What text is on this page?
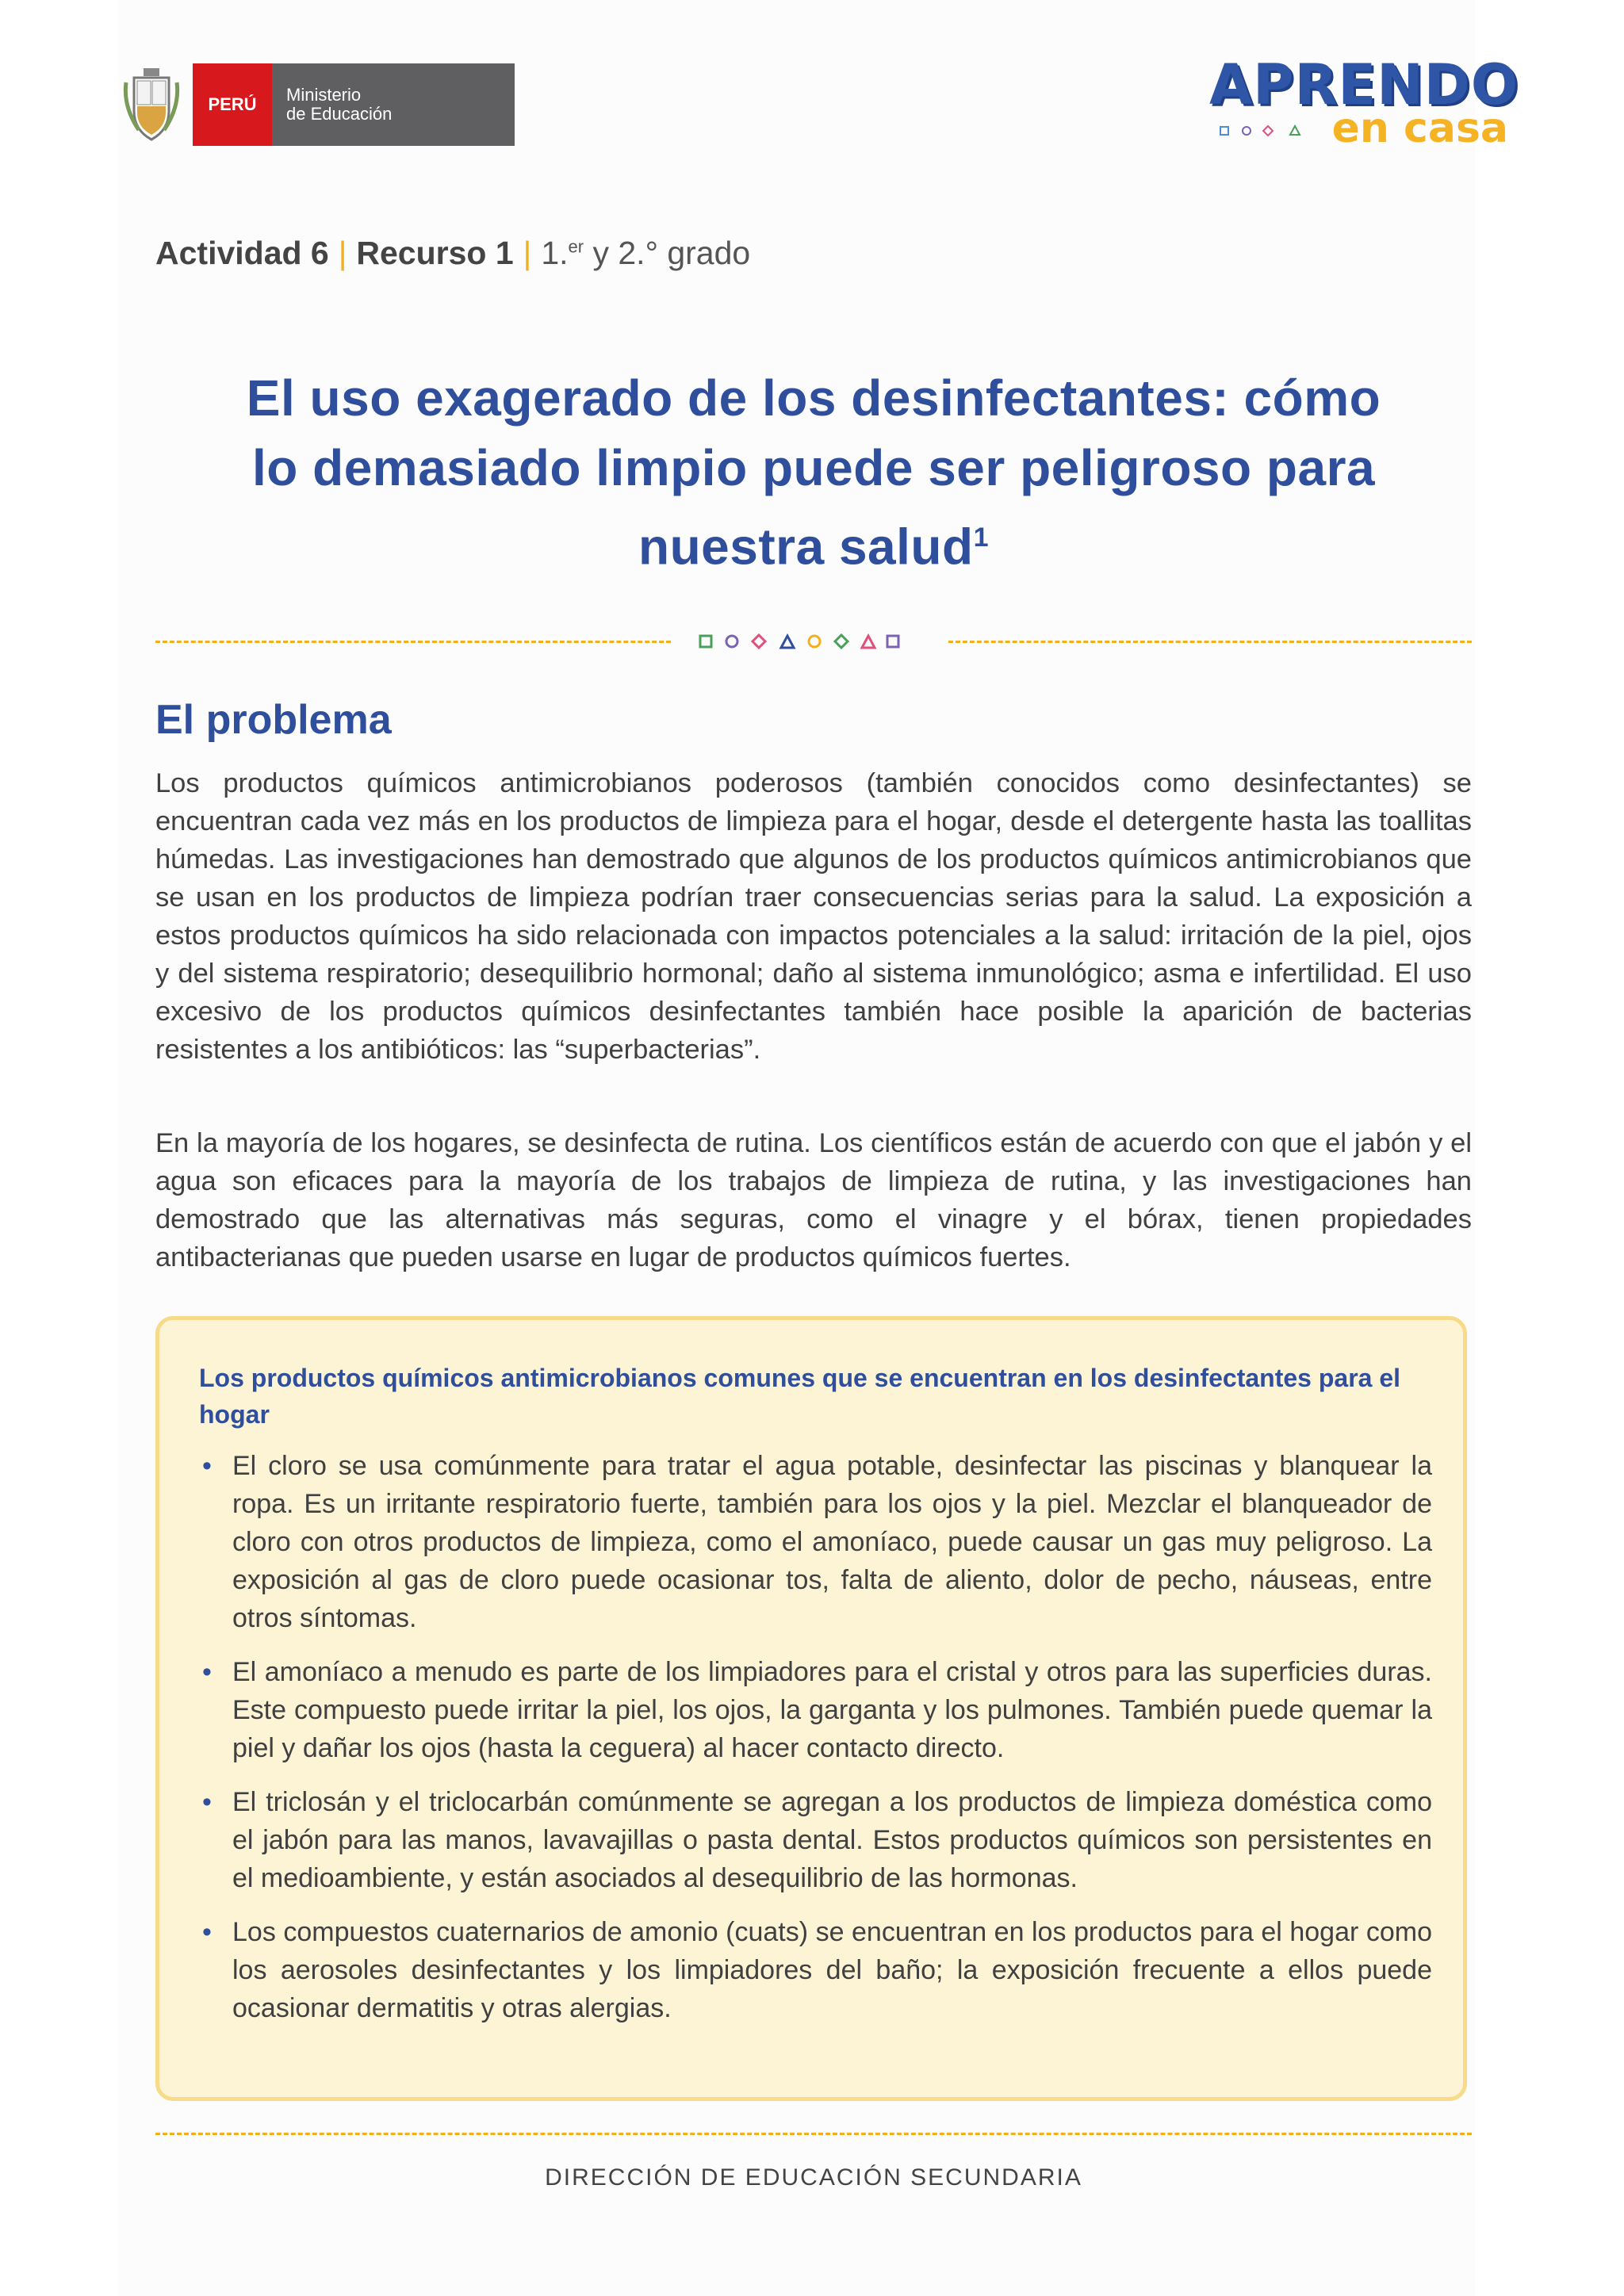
PERÚ	Ministerio
de Educación	APRENDO
en casa
Actividad 6 | Recurso 1 | 1.$^{er}$ y 2.° grado
El uso exagerado de los desinfectantes: cómo
lo demasiado limpio puede ser peligroso para
nuestra salud$^1$
El problema

Los productos químicos antimicrobianos poderosos (también conocidos como desinfectantes) se encuentran cada vez más en los productos de limpieza para el hogar, desde el detergente hasta las toallitas húmedas. Las investigaciones han demostrado que algunos de los productos químicos antimicrobianos que se usan en los productos de limpieza podrían traer consecuencias serias para la salud. La exposición a estos productos químicos ha sido relacionada con impactos potenciales a la salud: irritación de la piel, ojos y del sistema respiratorio; desequilibrio hormonal; daño al sistema inmunológico; asma e infertilidad. El uso excesivo de los productos químicos desinfectantes también hace posible la aparición de bacterias resistentes a los antibióticos: las “superbacterias”.

En la mayoría de los hogares, se desinfecta de rutina. Los científicos están de acuerdo con que el jabón y el agua son eficaces para la mayoría de los trabajos de limpieza de rutina, y las investigaciones han demostrado que las alternativas más seguras, como el vinagre y el bórax, tienen propiedades antibacterianas que pueden usarse en lugar de productos químicos fuertes.

Los productos químicos antimicrobianos comunes que se encuentran en los desinfectantes para el hogar

• El cloro se usa comúnmente para tratar el agua potable, desinfectar las piscinas y blanquear la ropa. Es un irritante respiratorio fuerte, también para los ojos y la piel. Mezclar el blanqueador de cloro con otros productos de limpieza, como el amoníaco, puede causar un gas muy peligroso. La exposición al gas de cloro puede ocasionar tos, falta de aliento, dolor de pecho, náuseas, entre otros síntomas.
• El amoníaco a menudo es parte de los limpiadores para el cristal y otros para las superficies duras. Este compuesto puede irritar la piel, los ojos, la garganta y los pulmones. También puede quemar la piel y dañar los ojos (hasta la ceguera) al hacer contacto directo.
• El triclosán y el triclocarbán comúnmente se agregan a los productos de limpieza doméstica como el jabón para las manos, lavavajillas o pasta dental. Estos productos químicos son persistentes en el medioambiente, y están asociados al desequilibrio de las hormonas.
• Los compuestos cuaternarios de amonio (cuats) se encuentran en los productos para el hogar como los aerosoles desinfectantes y los limpiadores del baño; la exposición frecuente a ellos puede ocasionar dermatitis y otras alergias.
DIRECCIÓN DE EDUCACIÓN SECUNDARIA
